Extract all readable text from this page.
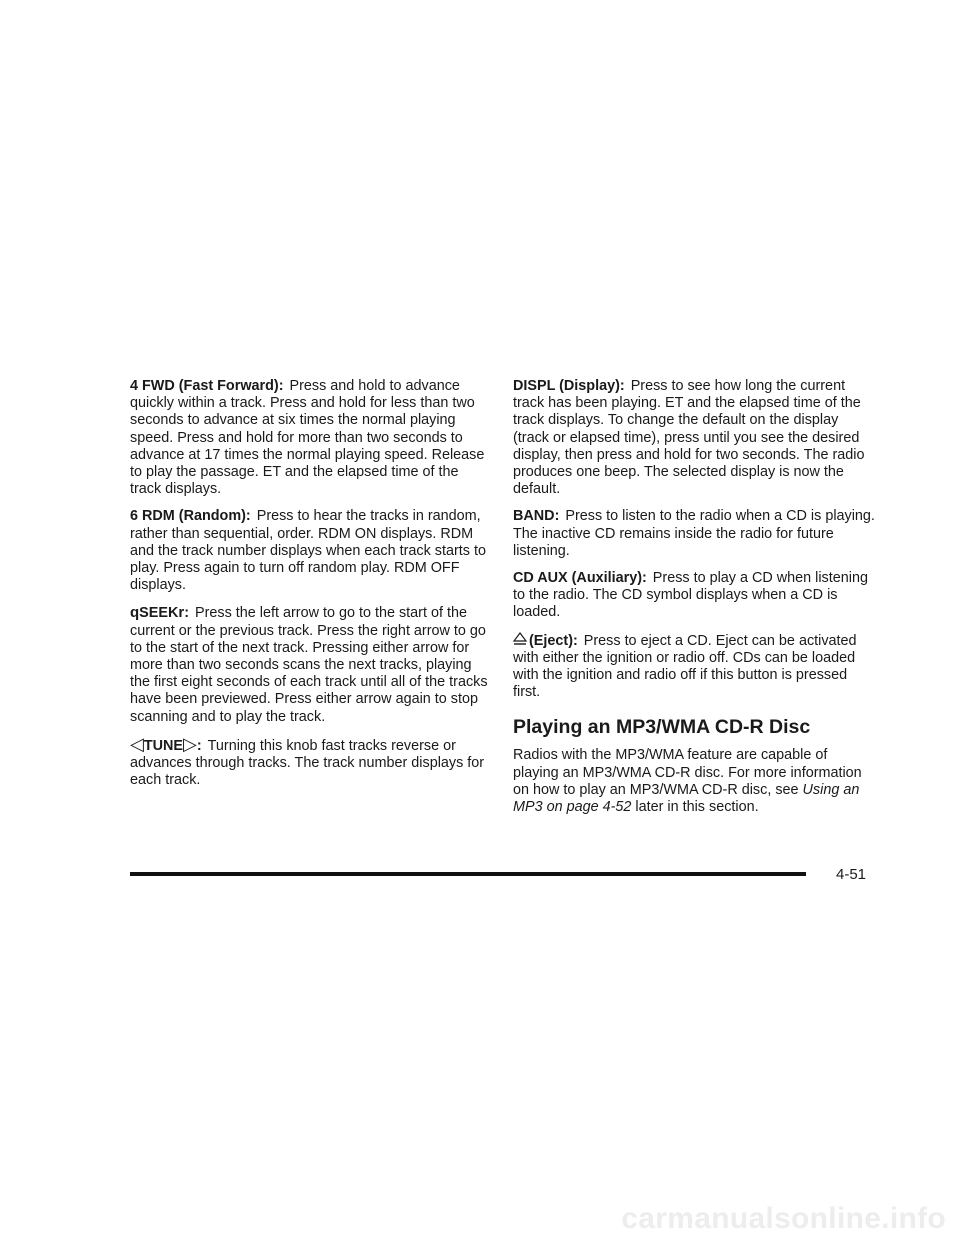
4 FWD (Fast Forward): Press and hold to advance quickly within a track. Press and hold for less than two seconds to advance at six times the normal playing speed. Press and hold for more than two seconds to advance at 17 times the normal playing speed. Release to play the passage. ET and the elapsed time of the track displays.

6 RDM (Random): Press to hear the tracks in random, rather than sequential, order. RDM ON displays. RDM and the track number displays when each track starts to play. Press again to turn off random play. RDM OFF displays.

qSEEKr: Press the left arrow to go to the start of the current or the previous track. Press the right arrow to go to the start of the next track. Pressing either arrow for more than two seconds scans the next tracks, playing the first eight seconds of each track until all of the tracks have been previewed. Press either arrow again to stop scanning and to play the track.

◁TUNE▷: Turning this knob fast tracks reverse or advances through tracks. The track number displays for each track.

DISPL (Display): Press to see how long the current track has been playing. ET and the elapsed time of the track displays. To change the default on the display (track or elapsed time), press until you see the desired display, then press and hold for two seconds. The radio produces one beep. The selected display is now the default.

BAND: Press to listen to the radio when a CD is playing. The inactive CD remains inside the radio for future listening.

CD AUX (Auxiliary): Press to play a CD when listening to the radio. The CD symbol displays when a CD is loaded.

(Eject): Press to eject a CD. Eject can be activated with either the ignition or radio off. CDs can be loaded with the ignition and radio off if this button is pressed first.

Playing an MP3/WMA CD-R Disc

Radios with the MP3/WMA feature are capable of playing an MP3/WMA CD-R disc. For more information on how to play an MP3/WMA CD-R disc, see Using an MP3 on page 4-52 later in this section.

4-51
carmanualsonline.info
